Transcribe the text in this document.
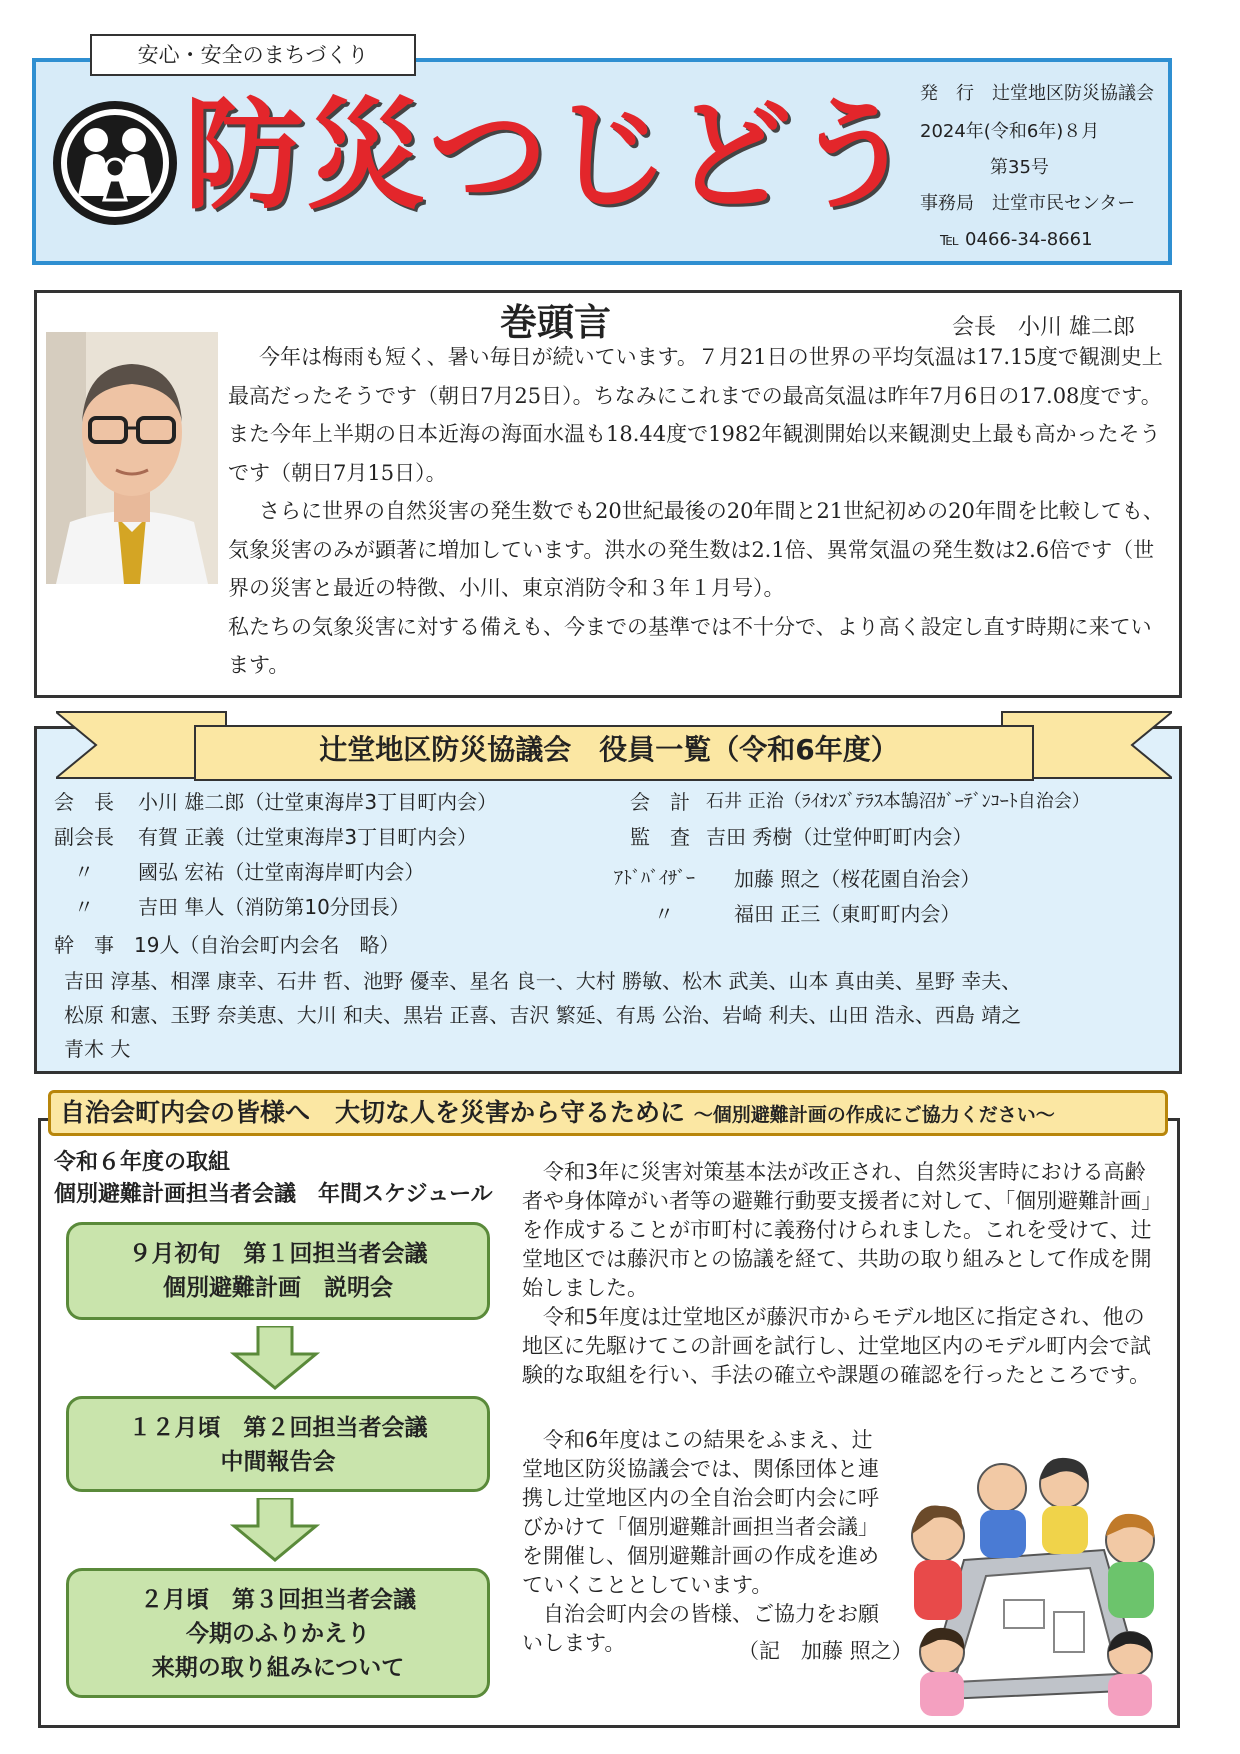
安心・安全のまちづくり
防災つじどう 発　行　辻堂地区防災協議会
2024年(令和6年)８月
第35号
事務局　辻堂市民センター
℡ 0466-34-8661
巻頭言	会長　小川 雄二郎

今年は梅雨も短く、暑い毎日が続いています。７月21日の世界の平均気温は17.15度で観測史上最高だったそうです（朝日7月25日）。ちなみにこれまでの最高気温は昨年7月6日の17.08度です。また今年上半期の日本近海の海面水温も18.44度で1982年観測開始以来観測史上最も高かったそうです（朝日7月15日）。

さらに世界の自然災害の発生数でも20世紀最後の20年間と21世紀初めの20年間を比較しても、気象災害のみが顕著に増加しています。洪水の発生数は2.1倍、異常気温の発生数は2.6倍です（世界の災害と最近の特徴、小川、東京消防令和３年１月号）。

私たちの気象災害に対する備えも、今までの基準では不十分で、より高く設定し直す時期に来ています。

辻堂地区防災協議会　役員一覧（令和6年度）
会　長 小川 雄二郎（辻堂東海岸3丁目町内会）
副会長 有賀 正義（辻堂東海岸3丁目町内会）
〃 國弘 宏祐（辻堂南海岸町内会）
〃 吉田 隼人（消防第10分団長）
会　計 石井 正治（ﾗｲｵﾝｽﾞﾃﾗｽ本鵠沼ｶﾞｰﾃﾞﾝｺｰﾄ自治会）
監　査 吉田 秀樹（辻堂仲町町内会）
ｱﾄﾞﾊﾞｲｻﾞｰ 加藤 照之（桜花園自治会）
〃	福田 正三（東町町内会）
幹　事　19人（自治会町内会名　略）
吉田 淳基、相澤 康幸、石井 哲、池野 優幸、星名 良一、大村 勝敏、松木 武美、山本 真由美、星野 幸夫、
松原 和憲、玉野 奈美恵、大川 和夫、黒岩 正喜、吉沢 繁延、有馬 公治、岩崎 利夫、山田 浩永、西島 靖之
青木 大
自治会町内会の皆様へ　大切な人を災害から守るために ～個別避難計画の作成にご協力ください～
令和６年度の取組
個別避難計画担当者会議　年間スケジュール
９月初旬　第１回担当者会議
個別避難計画　説明会
１２月頃　第２回担当者会議
中間報告会
２月頃　第３回担当者会議
今期のふりかえり
来期の取り組みについて

令和3年に災害対策基本法が改正され、自然災害時における高齢者や身体障がい者等の避難行動要支援者に対して、「個別避難計画」を作成することが市町村に義務付けられました。これを受けて、辻堂地区では藤沢市との協議を経て、共助の取り組みとして作成を開始しました。

令和5年度は辻堂地区が藤沢市からモデル地区に指定され、他の地区に先駆けてこの計画を試行し、辻堂地区内のモデル町内会で試験的な取組を行い、手法の確立や課題の確認を行ったところです。

令和6年度はこの結果をふまえ、辻堂地区防災協議会では、関係団体と連携し辻堂地区内の全自治会町内会に呼びかけて「個別避難計画担当者会議」を開催し、個別避難計画の作成を進めていくこととしています。

自治会町内会の皆様、ご協力をお願いします。	（記　加藤 照之）
